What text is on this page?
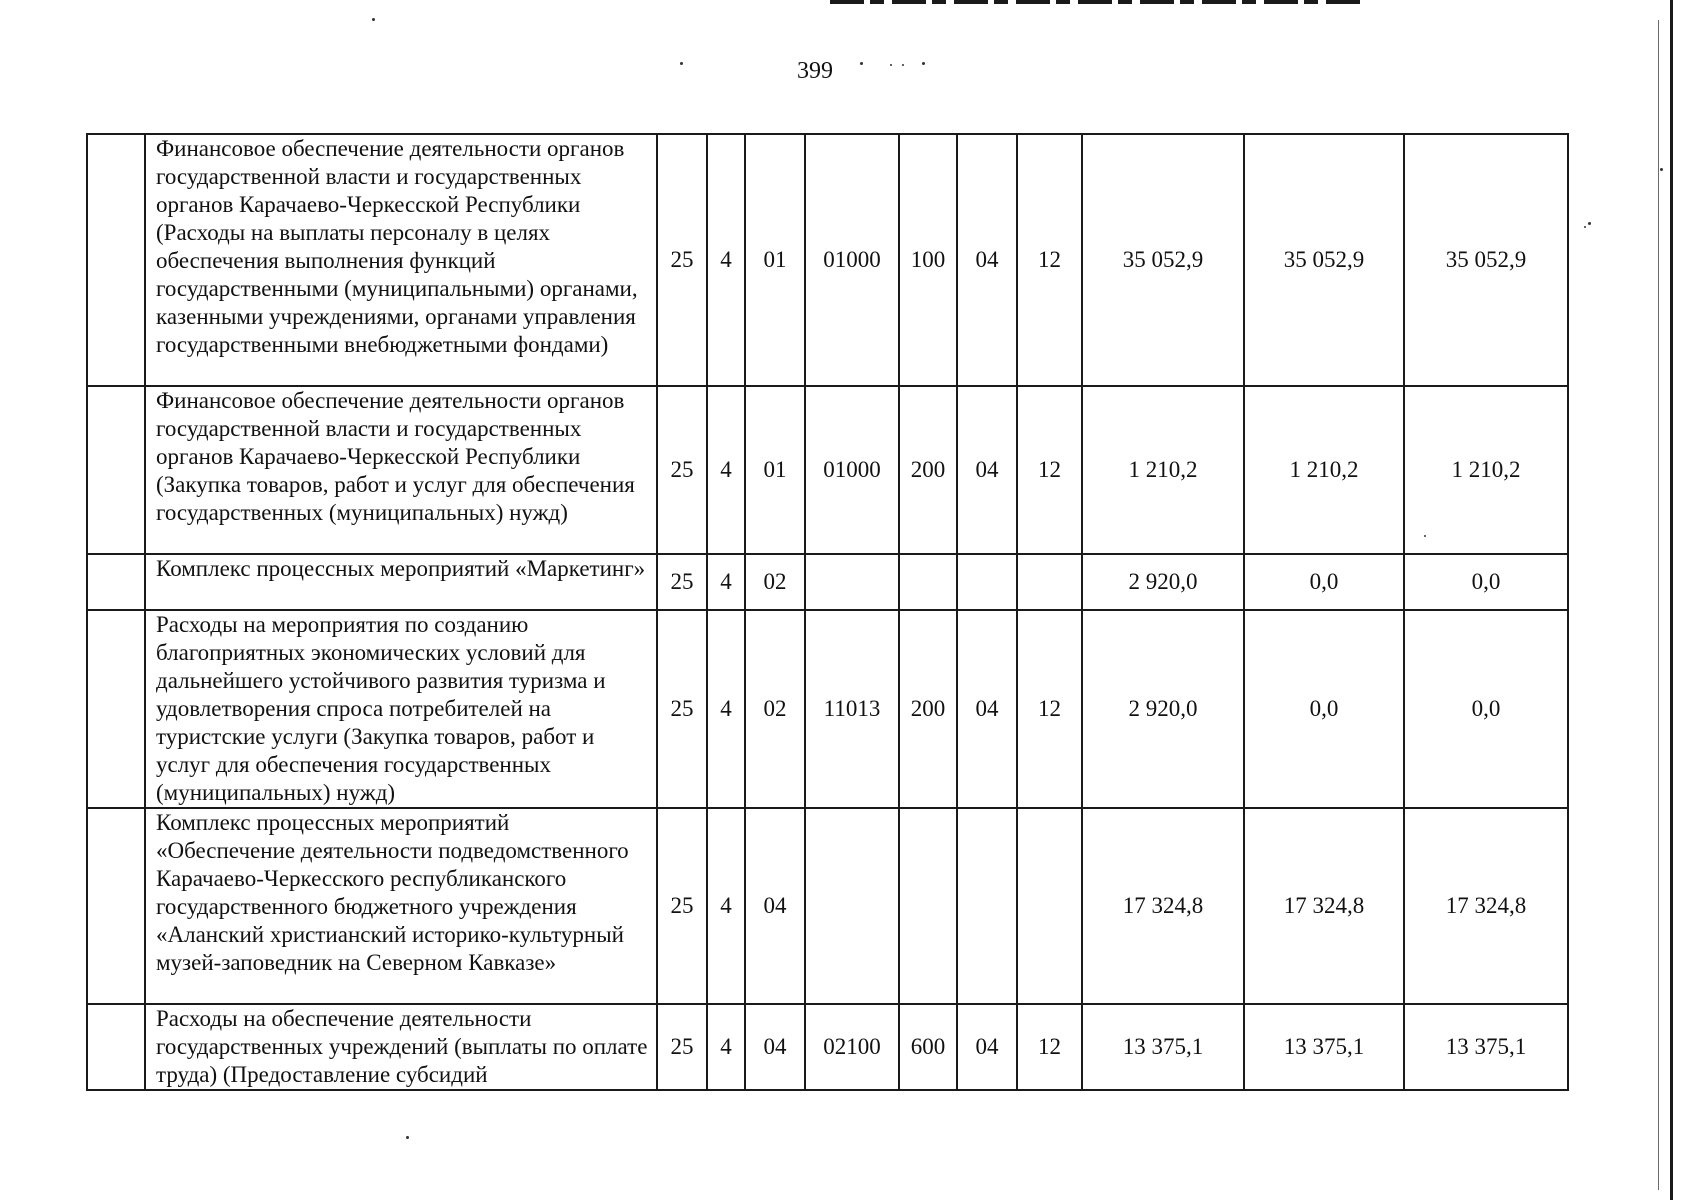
399
	Финансовое обеспечение деятельности органов государственной власти и государственных органов Карачаево-Черкесской Республики (Расходы на выплаты персоналу в целях обеспечения выполнения функций государственными (муниципальными) органами, казенными учреждениями, органами управления государственными внебюджетными фондами)	25	4	01	01000	100	04	12	35 052,9	35 052,9	35 052,9
	Финансовое обеспечение деятельности органов государственной власти и государственных органов Карачаево-Черкесской Республики (Закупка товаров, работ и услуг для обеспечения государственных (муниципальных) нужд)	25	4	01	01000	200	04	12	1 210,2	1 210,2	1 210,2
	Комплекс процессных мероприятий «Маркетинг»	25	4	02					2 920,0	0,0	0,0
	Расходы на мероприятия по созданию благоприятных экономических условий для дальнейшего устойчивого развития туризма и удовлетворения спроса потребителей на туристские услуги (Закупка товаров, работ и услуг для обеспечения государственных (муниципальных) нужд)	25	4	02	11013	200	04	12	2 920,0	0,0	0,0
	Комплекс процессных мероприятий «Обеспечение деятельности подведомственного Карачаево-Черкесского республиканского государственного бюджетного учреждения «Аланский христианский историко-культурный музей-заповедник на Северном Кавказе»	25	4	04					17 324,8	17 324,8	17 324,8
	Расходы на обеспечение деятельности государственных учреждений (выплаты по оплате труда) (Предоставление субсидий	25	4	04	02100	600	04	12	13 375,1	13 375,1	13 375,1
